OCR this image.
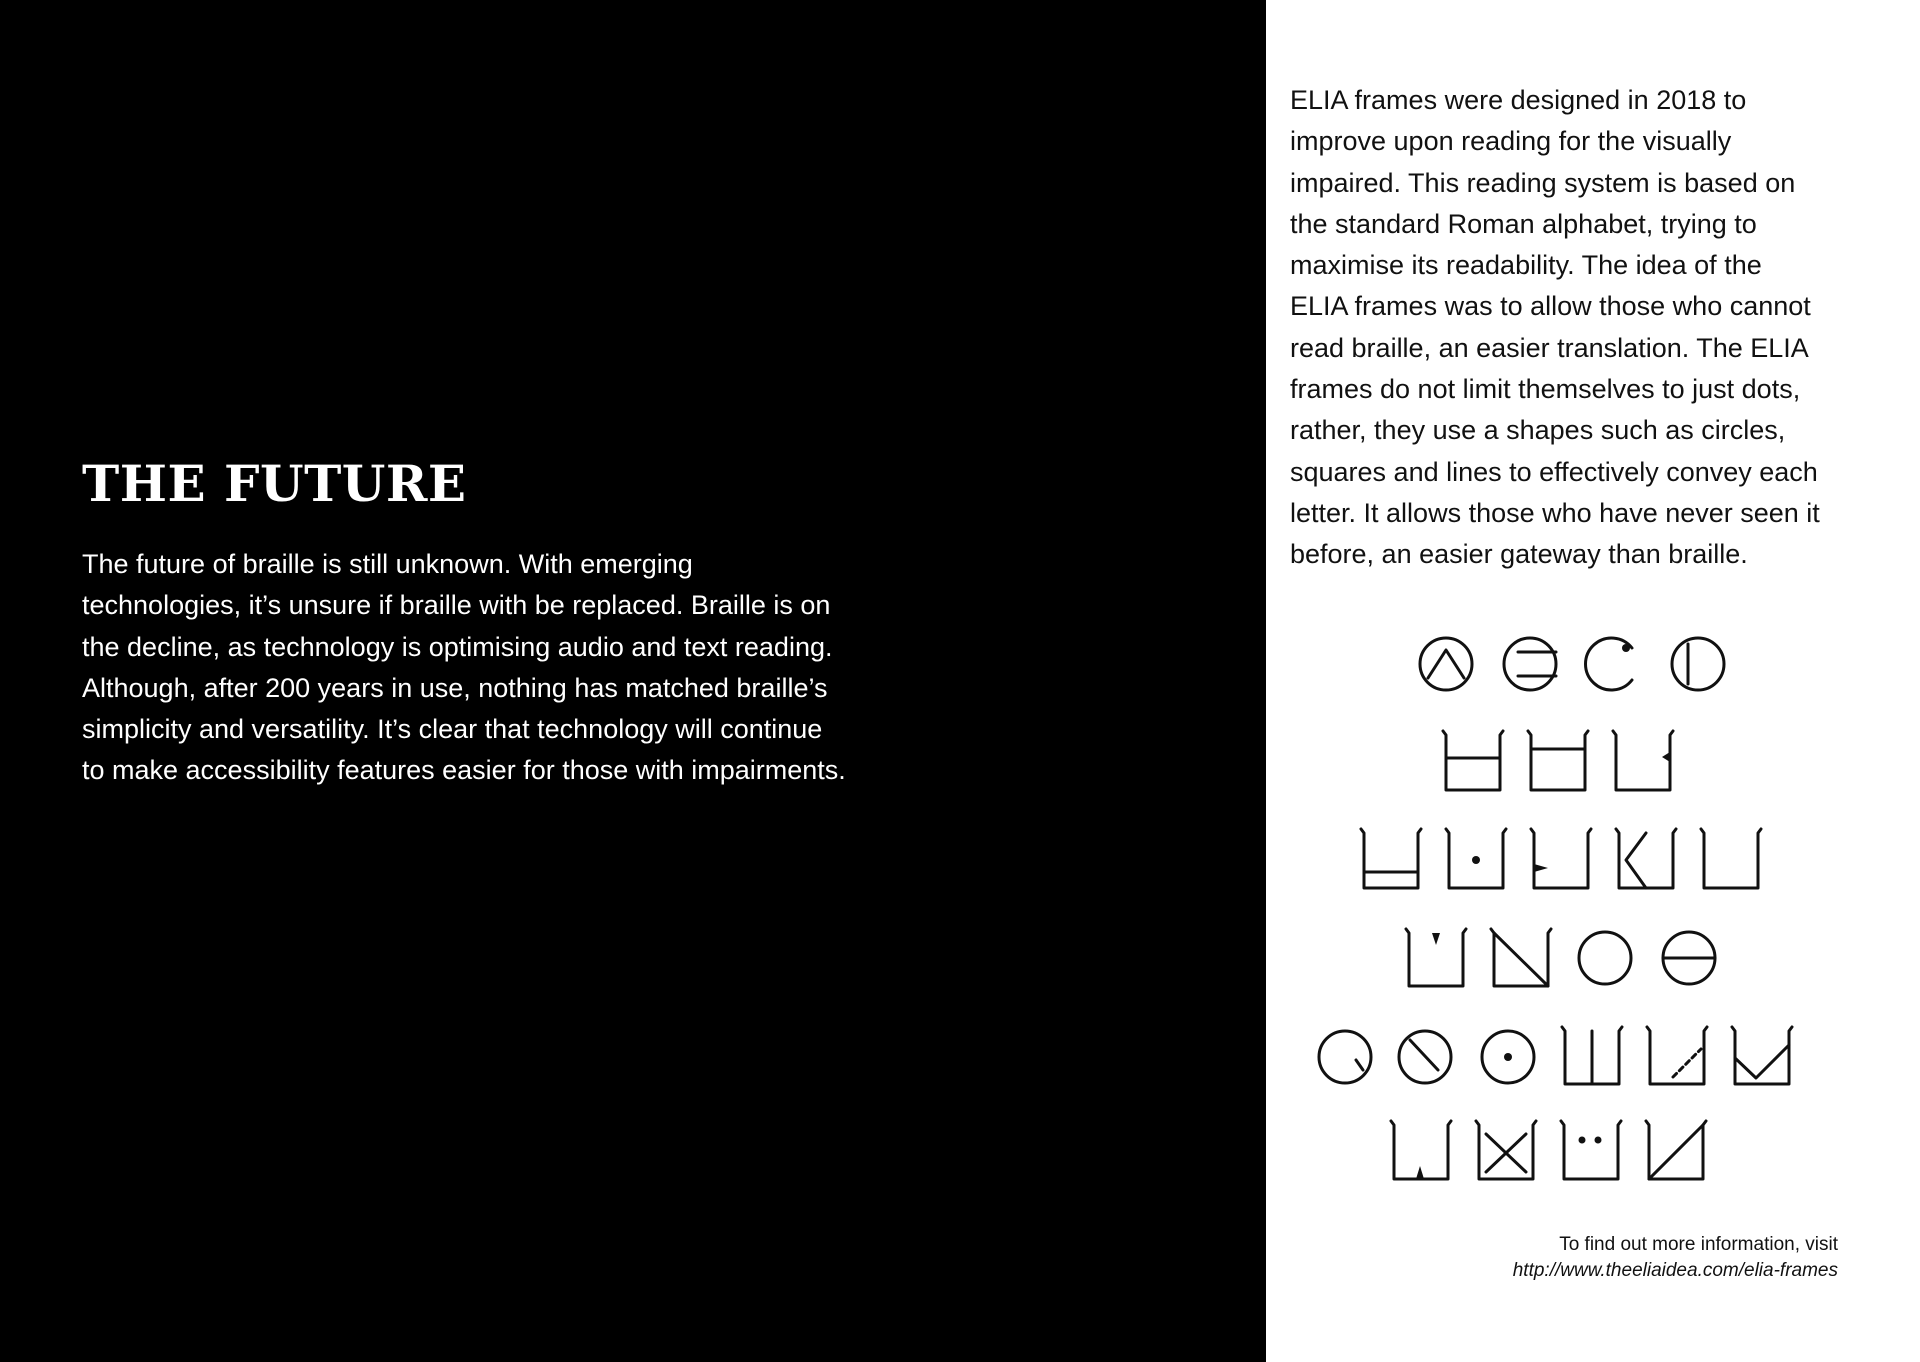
THE FUTURE

The future of braille is still unknown. With emerging
technologies, it’s unsure if braille with be replaced. Braille is on
the decline, as technology is optimising audio and text reading.
Although, after 200 years in use, nothing has matched braille’s
simplicity and versatility. It’s clear that technology will continue
to make accessibility features easier for those with impairments.

ELIA frames were designed in 2018 to
improve upon reading for the visually
impaired. This reading system is based on
the standard Roman alphabet, trying to
maximise its readability. The idea of the
ELIA frames was to allow those who cannot
read braille, an easier translation. The ELIA
frames do not limit themselves to just dots,
rather, they use a shapes such as circles,
squares and lines to effectively convey each
letter. It allows those who have never seen it
before, an easier gateway than braille.

To find out more information, visit
http://www.theeliaidea.com/elia-frames
